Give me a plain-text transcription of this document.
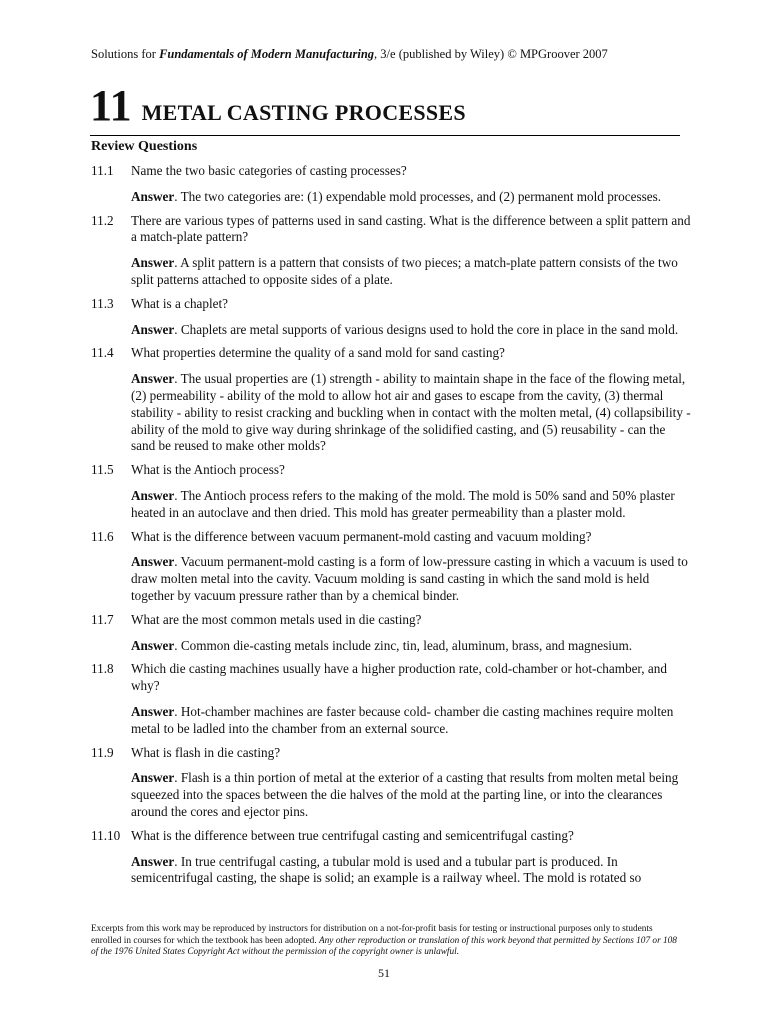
Solutions for Fundamentals of Modern Manufacturing, 3/e (published by Wiley) © MPGroover 2007
11 METAL CASTING PROCESSES
Review Questions
11.1	Name the two basic categories of casting processes?
Answer. The two categories are: (1) expendable mold processes, and (2) permanent mold processes.
11.2	There are various types of patterns used in sand casting. What is the difference between a split pattern and a match-plate pattern?
Answer. A split pattern is a pattern that consists of two pieces; a match-plate pattern consists of the two split patterns attached to opposite sides of a plate.
11.3	What is a chaplet?
Answer. Chaplets are metal supports of various designs used to hold the core in place in the sand mold.
11.4	What properties determine the quality of a sand mold for sand casting?
Answer. The usual properties are (1) strength - ability to maintain shape in the face of the flowing metal, (2) permeability - ability of the mold to allow hot air and gases to escape from the cavity, (3) thermal stability - ability to resist cracking and buckling when in contact with the molten metal, (4) collapsibility - ability of the mold to give way during shrinkage of the solidified casting, and (5) reusability - can the sand be reused to make other molds?
11.5	What is the Antioch process?
Answer. The Antioch process refers to the making of the mold. The mold is 50% sand and 50% plaster heated in an autoclave and then dried. This mold has greater permeability than a plaster mold.
11.6	What is the difference between vacuum permanent-mold casting and vacuum molding?
Answer. Vacuum permanent-mold casting is a form of low-pressure casting in which a vacuum is used to draw molten metal into the cavity. Vacuum molding is sand casting in which the sand mold is held together by vacuum pressure rather than by a chemical binder.
11.7	What are the most common metals used in die casting?
Answer. Common die-casting metals include zinc, tin, lead, aluminum, brass, and magnesium.
11.8	Which die casting machines usually have a higher production rate, cold-chamber or hot-chamber, and why?
Answer. Hot-chamber machines are faster because cold- chamber die casting machines require molten metal to be ladled into the chamber from an external source.
11.9	What is flash in die casting?
Answer. Flash is a thin portion of metal at the exterior of a casting that results from molten metal being squeezed into the spaces between the die halves of the mold at the parting line, or into the clearances around the cores and ejector pins.
11.10 What is the difference between true centrifugal casting and semicentrifugal casting?
Answer. In true centrifugal casting, a tubular mold is used and a tubular part is produced. In semicentrifugal casting, the shape is solid; an example is a railway wheel. The mold is rotated so
Excerpts from this work may be reproduced by instructors for distribution on a not-for-profit basis for testing or instructional purposes only to students enrolled in courses for which the textbook has been adopted. Any other reproduction or translation of this work beyond that permitted by Sections 107 or 108 of the 1976 United States Copyright Act without the permission of the copyright owner is unlawful.
51
